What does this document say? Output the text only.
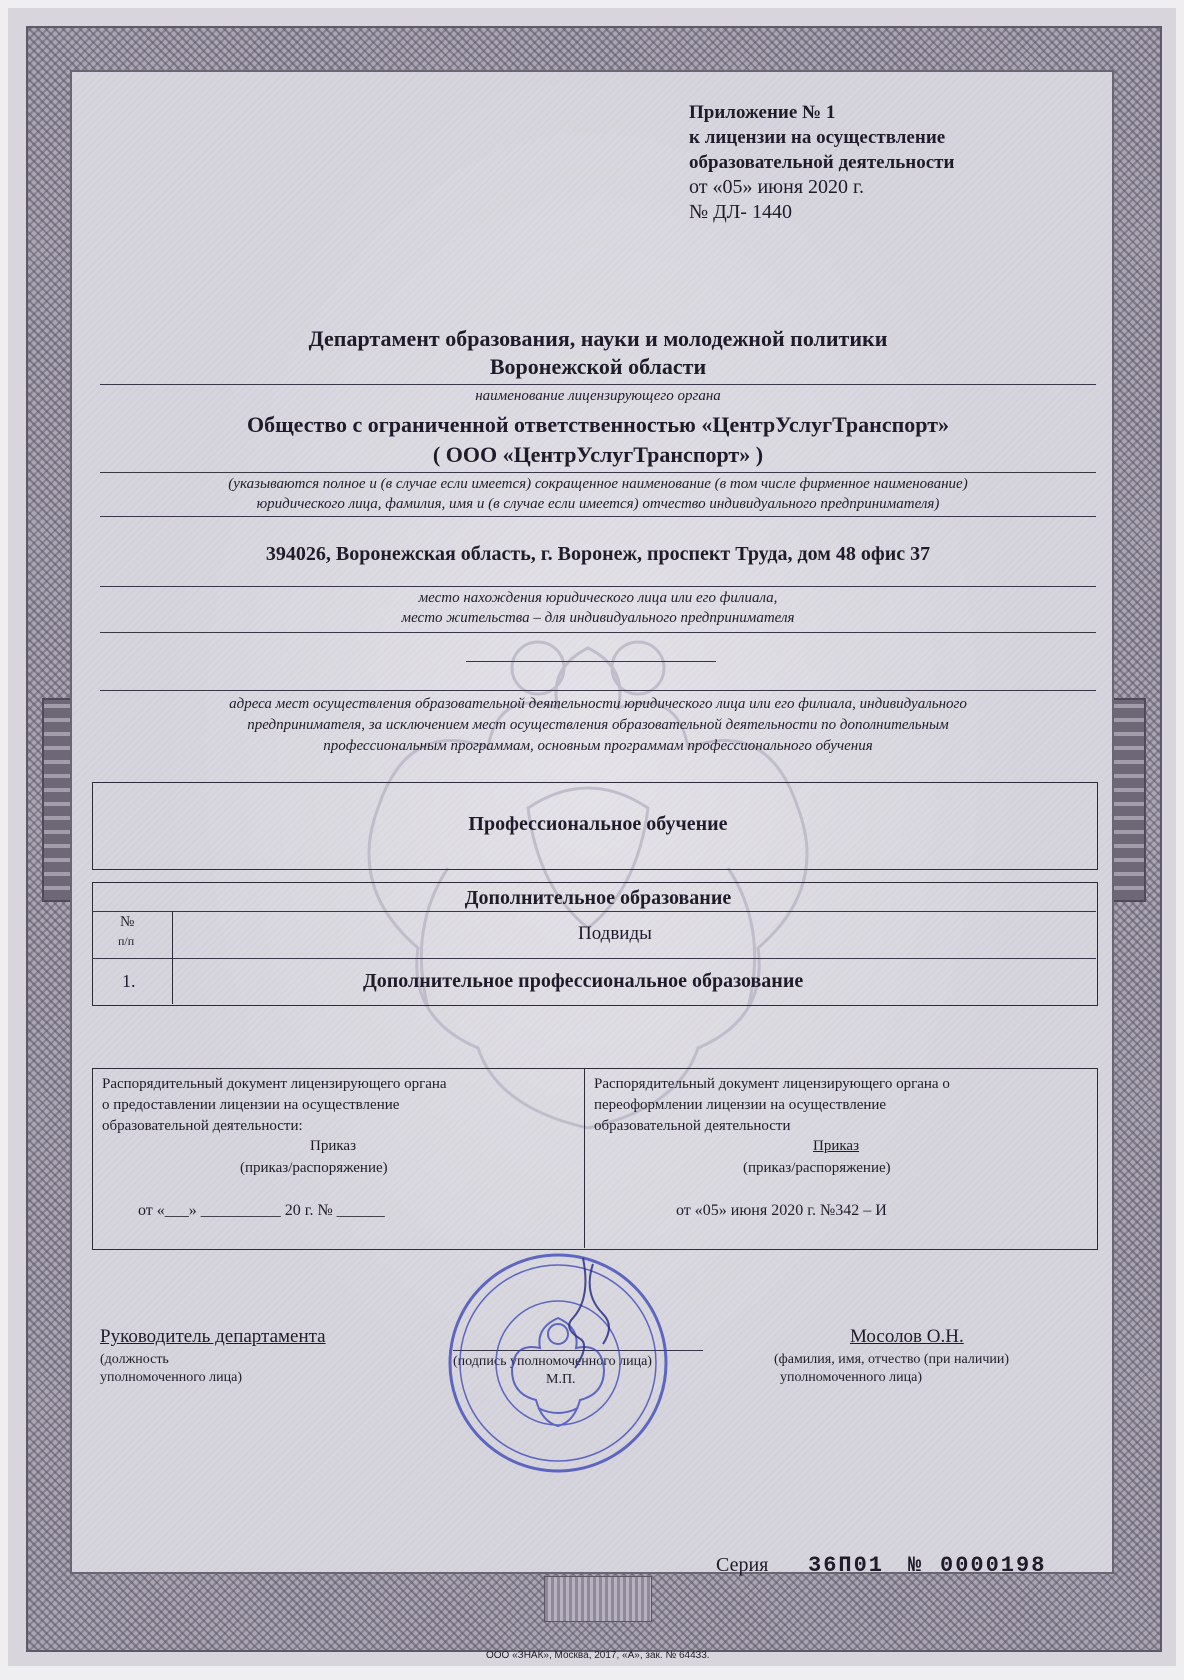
Приложение № 1
к лицензии на осуществление
образовательной деятельности
от «05» июня 2020 г.
№ ДЛ- 1440
Департамент образования, науки и молодежной политики
Воронежской области
наименование лицензирующего органа
Общество с ограниченной ответственностью «ЦентрУслугТранспорт»
( ООО «ЦентрУслугТранспорт» )
(указываются полное и (в случае если имеется) сокращенное наименование (в том числе фирменное наименование)
юридического лица, фамилия, имя и (в случае если имеется) отчество индивидуального предпринимателя)
394026, Воронежская область, г. Воронеж, проспект Труда, дом 48 офис 37
место нахождения юридического лица или его филиала,
место жительства – для индивидуального предпринимателя
адреса мест осуществления образовательной деятельности юридического лица или его филиала, индивидуального
предпринимателя, за исключением мест осуществления образовательной деятельности по дополнительным
профессиональным программам, основным программам профессионального обучения
Профессиональное обучение
Дополнительное образование
№
п/п	Подвиды
1.	Дополнительное профессиональное образование
Распорядительный документ лицензирующего органа
о предоставлении лицензии на осуществление
образовательной деятельности:
Приказ
(приказ/распоряжение)
от «___» __________ 20 г. № ______
Распорядительный документ лицензирующего органа о
переоформлении лицензии на осуществление
образовательной деятельности
Приказ
(приказ/распоряжение)
от «05» июня 2020 г. №342 – И
Руководитель департамента
(должность
уполномоченного лица)
(подпись уполномоченного лица)
М.П.
Мосолов О.Н.
(фамилия, имя, отчество (при наличии)
уполномоченного лица)
Серия 36П01 № 0000198
ООО «ЗНАК», Москва, 2017, «А», зак. № 64433.
